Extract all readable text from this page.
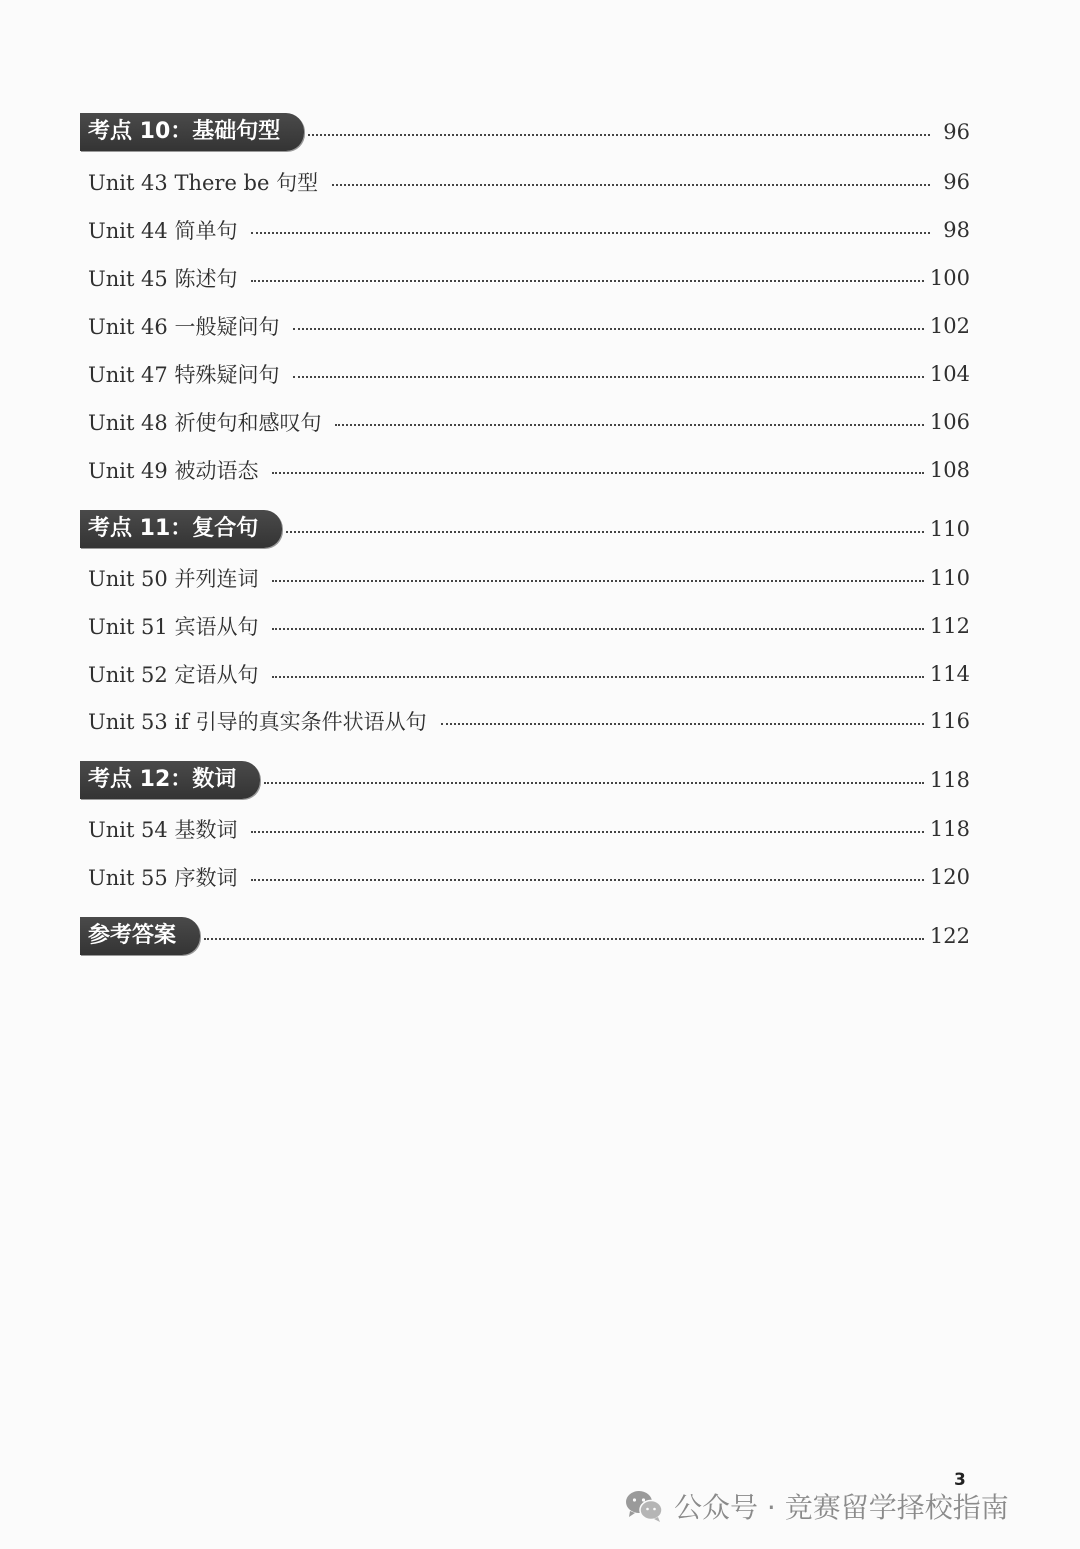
考点 10：基础句型	96
Unit 43 There be 句型	96
Unit 44 简单句	98
Unit 45 陈述句	100
Unit 46 一般疑问句	102
Unit 47 特殊疑问句	104
Unit 48 祈使句和感叹句	106
Unit 49 被动语态	108
考点 11：复合句	110
Unit 50 并列连词	110
Unit 51 宾语从句	112
Unit 52 定语从句	114
Unit 53 if 引导的真实条件状语从句	116
考点 12：数词	118
Unit 54 基数词	118
Unit 55 序数词	120
参考答案	122
3
公众号 · 竞赛留学择校指南
